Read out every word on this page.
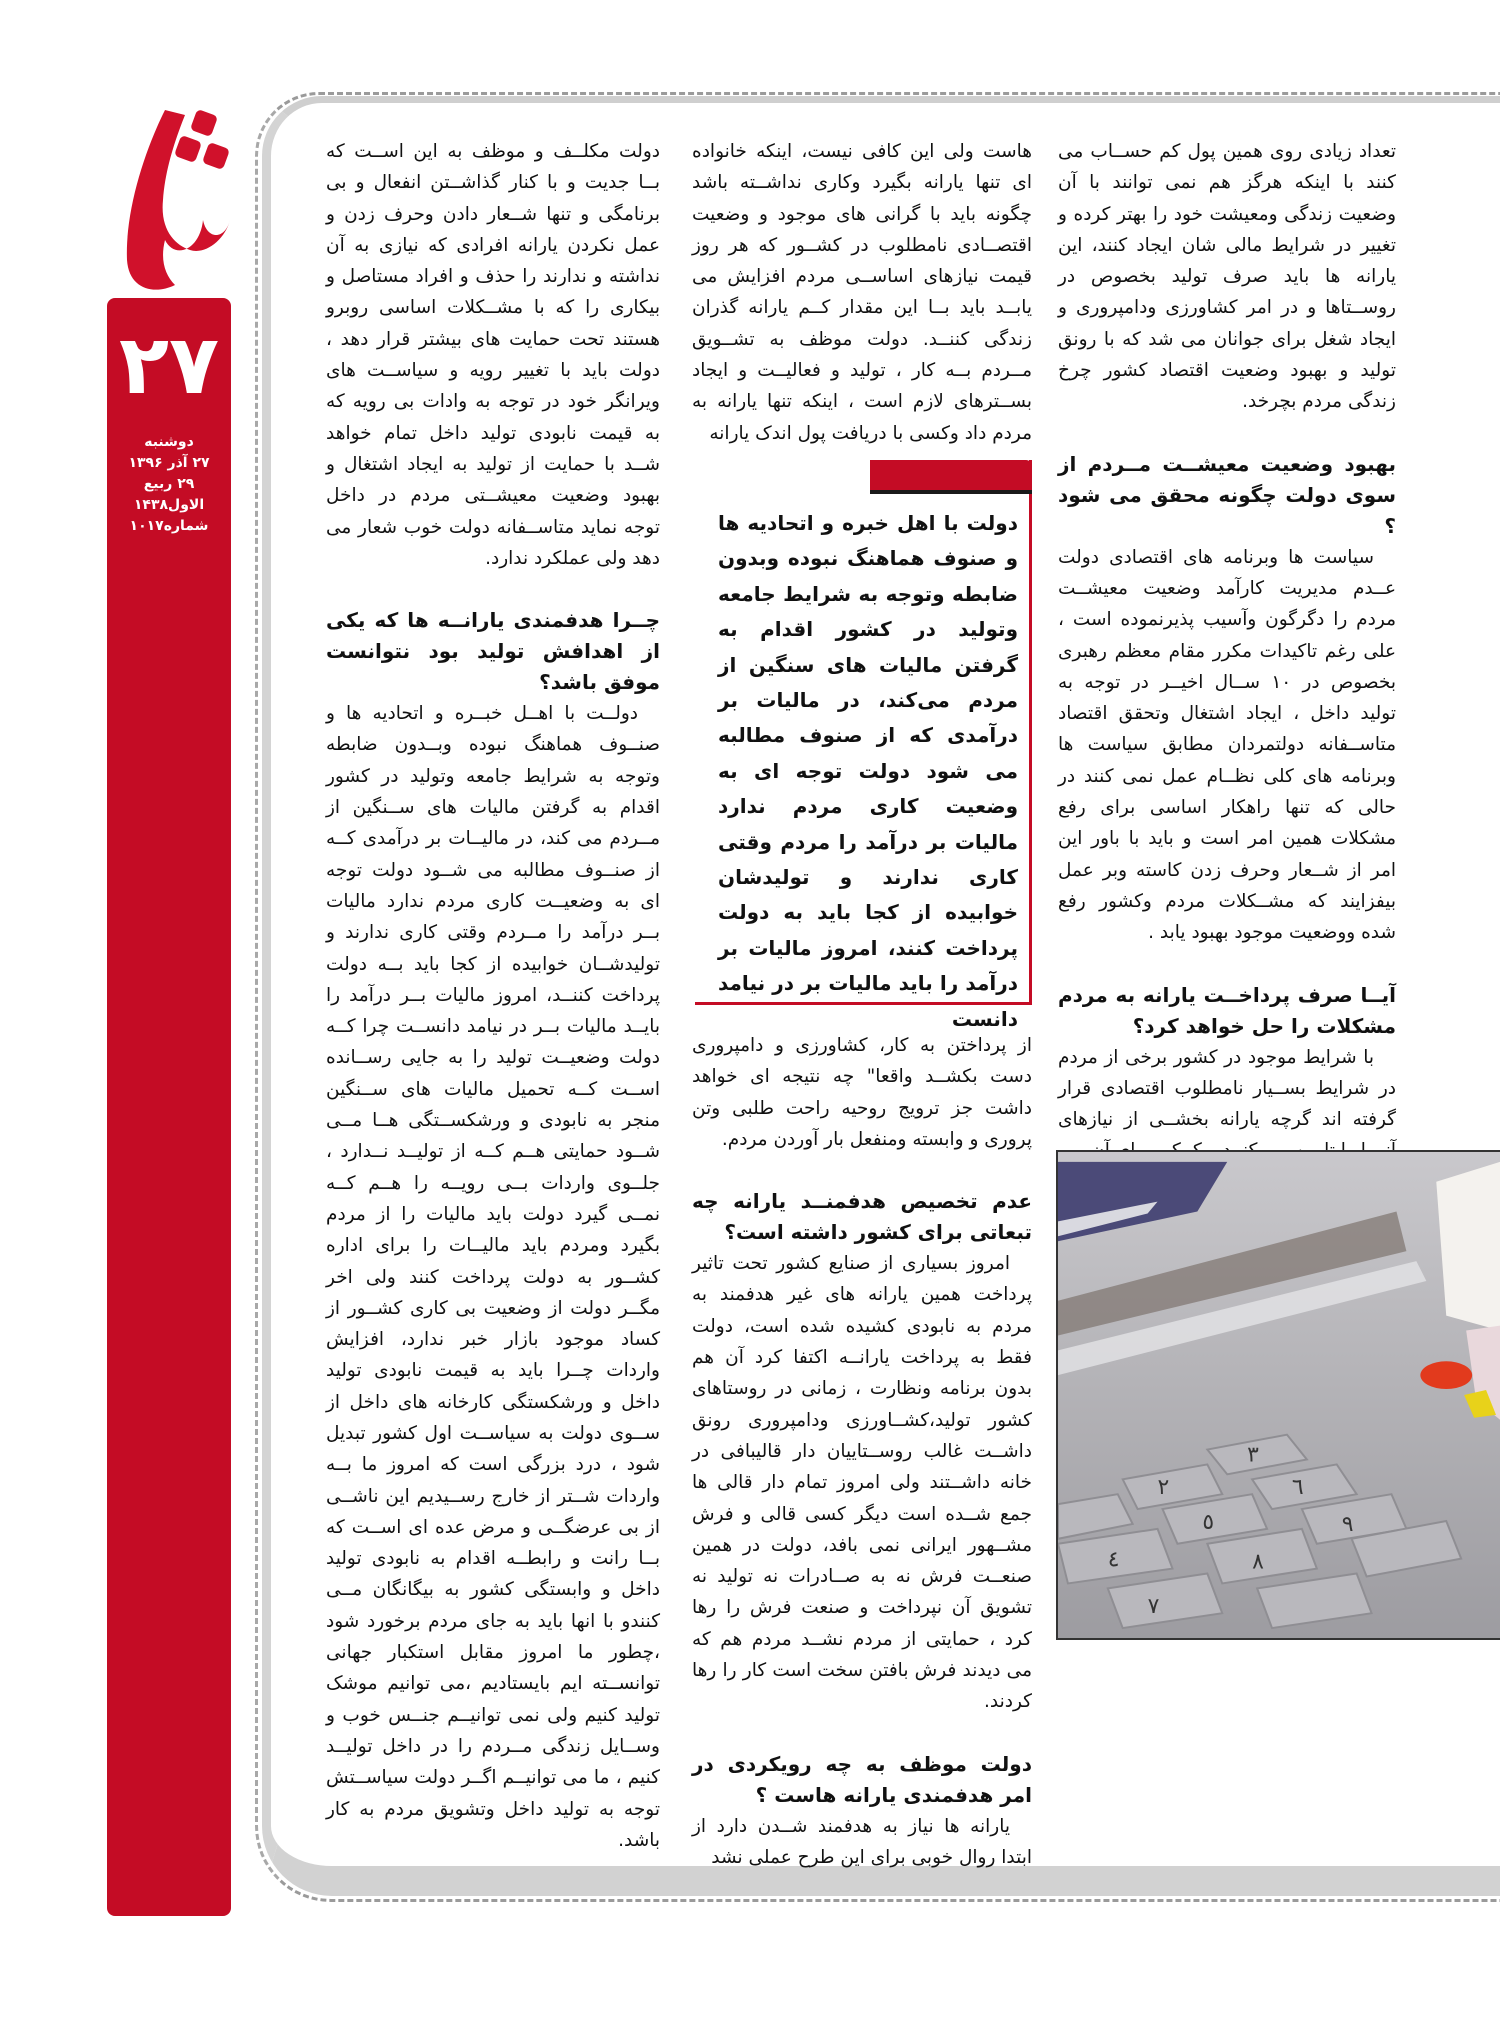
۲۷
دوشنبه
۲۷ آذر ۱۳۹۶
۲۹ ربیع الاول۱۴۳۸
شماره۱۰۱۷

تعداد زیادی روی همین پول کم حســاب می کنند با اینکه هرگز هم نمی توانند با آن وضعیت زندگی ومعیشت خود را بهتر کرده و تغییر در شرایط مالی شان ایجاد کنند، این یارانه ها باید صرف تولید بخصوص در روســتاها و در امر کشاورزی ودامپروری و ایجاد شغل برای جوانان می شد که با رونق تولید و بهبود وضعیت اقتصاد کشور چرخ زندگی مردم بچرخد.

بهبود وضعیت معیشــت مــردم از سوی دولت چگونه محقق می شود ؟

سیاست ها وبرنامه های اقتصادی دولت عــدم مدیریت کارآمد وضعیت معیشــت مردم را دگرگون وآسیب پذیرنموده است ، علی رغم تاکیدات مکرر مقام معظم رهبری بخصوص در ۱۰ ســال اخیــر در توجه به تولید داخل ، ایجاد اشتغال وتحقق اقتصاد متاســفانه دولتمردان مطابق سیاست ها وبرنامه های کلی نظــام عمل نمی کنند در حالی که تنها راهکار اساسی برای رفع مشکلات همین امر است و باید با باور این امر از شــعار وحرف زدن کاسته وبر عمل بیفزایند که مشــکلات مردم وکشور رفع شده ووضعیت موجود بهبود یابد .

آیــا صرف پرداخــت یارانه به مردم مشکلات را حل خواهد کرد؟

با شرایط موجود در کشور برخی از مردم در شرایط بســیار نامطلوب اقتصادی قرار گرفته اند گرچه یارانه بخشــی از نیازهای

هاست ولی این کافی نیست، اینکه خانواده ای تنها یارانه بگیرد وکاری نداشــته باشد چگونه باید با گرانی های موجود و وضعیت اقتصــادی نامطلوب در کشــور که هر روز قیمت نیازهای اساســی مردم افزایش می یابــد باید بــا این مقدار کــم یارانه گذران زندگی کننــد. دولت موظف به تشــویق مــردم بــه کار ، تولید و فعالیــت و ایجاد بســترهای لازم است ، اینکه تنها یارانه به مردم داد وکسی با دریافت پول اندک یارانه

دولت با اهل خبره و اتحادیه ها و صنوف هماهنگ نبوده وبدون ضابطه وتوجه به شرایط جامعه وتولید در کشور اقدام به گرفتن مالیات های سنگین از مردم می‌کند، در مالیات بر درآمدی که از صنوف مطالبه می شود دولت توجه ای به وضعیت کاری مردم ندارد مالیات بر درآمد را مردم وقتی کاری ندارند و تولیدشان خوابیده از کجا باید به دولت پرداخت کنند، امروز مالیات بر درآمد را باید مالیات بر در نیامد دانست

از پرداختن به کار، کشاورزی و دامپروری دست بکشــد واقعا" چه نتیجه ای خواهد داشت جز ترویج روحیه راحت طلبی وتن پروری و وابسته ومنفعل بار آوردن مردم.

عدم تخصیص هدفمنــد یارانه چه تبعاتی برای کشور داشته است؟

امروز بسیاری از صنایع کشور تحت تاثیر پرداخت همین یارانه های غیر هدفمند به مردم به نابودی کشیده شده است، دولت فقط به پرداخت یارانــه اکتفا کرد آن هم بدون برنامه ونظارت ، زمانی در روستاهای کشور تولید،کشــاورزی ودامپروری رونق داشــت غالب روســتاییان دار قالیبافی در خانه داشــتند ولی امروز تمام دار قالی ها جمع شــده است دیگر کسی قالی و فرش مشــهور ایرانی نمی بافد، دولت در همین صنعــت فرش نه به صــادرات نه تولید نه تشویق آن نپرداخت و صنعت فرش را رها کرد ، حمایتی از مردم نشــد مردم هم که می دیدند فرش بافتن سخت است کار را رها کردند.

دولت موظف به چه رویکردی در امر هدفمندی یارانه هاست ؟

یارانه ها نیاز به هدفمند شــدن دارد از ابتدا روال خوبی برای این طرح عملی نشد

دولت مکلــف و موظف به این اســت که بــا جدیت و با کنار گذاشــتن انفعال و بی برنامگی و تنها شــعار دادن وحرف زدن و عمل نکردن یارانه افرادی که نیازی به آن نداشته و ندارند را حذف و افراد مستاصل و بیکاری را که با مشــکلات اساسی روبرو هستند تحت حمایت های بیشتر قرار دهد ، دولت باید با تغییر رویه و سیاســت های ویرانگر خود در توجه به وادات بی رویه که به قیمت نابودی تولید داخل تمام خواهد شــد با حمایت از تولید به ایجاد اشتغال و بهبود وضعیت معیشــتی مردم در داخل توجه نماید متاســفانه دولت خوب شعار می دهد ولی عملکرد ندارد.

چــرا هدفمندی یارانــه ها که یکی از اهدافش تولید بود نتوانست موفق باشد؟

دولــت با اهــل خبــره و اتحادیه ها و صنــوف هماهنگ نبوده وبــدون ضابطه وتوجه به شرایط جامعه وتولید در کشور اقدام به گرفتن مالیات های ســنگین از مــردم می کند، در مالیــات بر درآمدی کــه از صنــوف مطالبه می شــود دولت توجه ای به وضعیــت کاری مردم ندارد مالیات بــر درآمد را مــردم وقتی کاری ندارند و تولیدشــان خوابیده از کجا باید بــه دولت پرداخت کننــد، امروز مالیات بــر درآمد را بایــد مالیات بــر در نیامد دانســت چرا کــه دولت وضعیــت تولید را به جایی رســانده اســت کــه تحمیل مالیات های ســنگین منجر به نابودی و ورشکســتگی هــا مــی شــود حمایتی هــم کــه از تولیــد نــدارد ، جلــوی واردات بــی رویــه را هــم کــه نمــی گیرد دولت باید مالیات را از مردم بگیرد ومردم باید مالیــات را برای اداره کشــور به دولت پرداخت کنند ولی اخر مگــر دولت از وضعیت بی کاری کشــور از کساد موجود بازار خبر ندارد، افزایش واردات چــرا باید به قیمت نابودی تولید داخل و ورشکستگی کارخانه های داخل از ســوی دولت به سیاســت اول کشور تبدیل شود ، درد بزرگی است که امروز ما بــه واردات شــتر از خارج رســیدیم این ناشــی از بی عرضگــی و مرض عده ای اســت که بــا رانت و رابطــه اقدام به نابودی تولید داخل و وابستگی کشور به بیگانگان مــی کنندو با انها باید به جای مردم برخورد شود ،چطور ما امروز مقابل استکبار جهانی توانســته ایم بایستادیم ،می توانیم موشک تولید کنیم ولی نمی توانیــم جنــس خوب و وســایل زندگی مــردم را در داخل تولیــد کنیم ، ما می توانیــم اگــر دولت سیاســتش توجه به تولید داخل وتشویق مردم به کار باشد.

٣
٢	٦
٥	٩
٤	٨
٧
